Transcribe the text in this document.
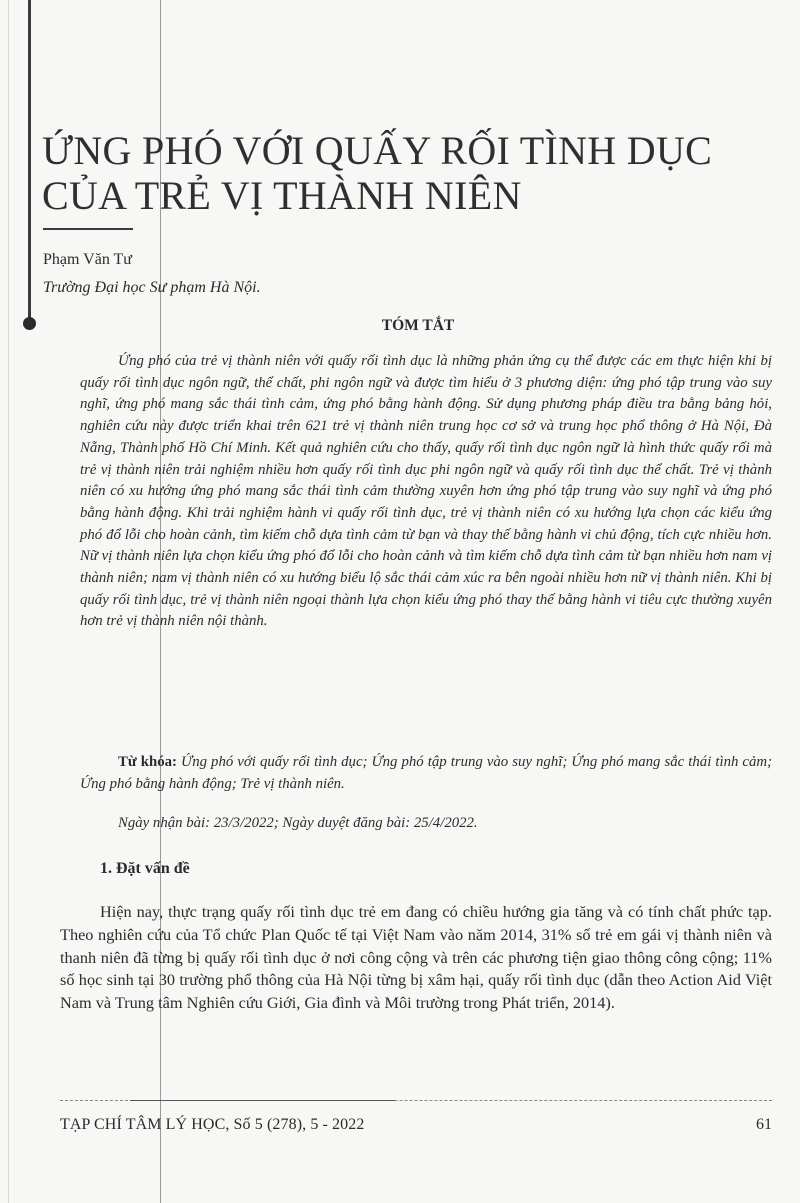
ỨNG PHÓ VỚI QUẤY RỐI TÌNH DỤC
CỦA TRẺ VỊ THÀNH NIÊN
Phạm Văn Tư
Trường Đại học Sư phạm Hà Nội.
TÓM TẮT

Ứng phó của trẻ vị thành niên với quấy rối tình dục là những phản ứng cụ thể được các em thực hiện khi bị quấy rối tình dục ngôn ngữ, thể chất, phi ngôn ngữ và được tìm hiểu ở 3 phương diện: ứng phó tập trung vào suy nghĩ, ứng phó mang sắc thái tình cảm, ứng phó bằng hành động. Sử dụng phương pháp điều tra bằng bảng hỏi, nghiên cứu này được triển khai trên 621 trẻ vị thành niên trung học cơ sở và trung học phổ thông ở Hà Nội, Đà Nẵng, Thành phố Hồ Chí Minh. Kết quả nghiên cứu cho thấy, quấy rối tình dục ngôn ngữ là hình thức quấy rối mà trẻ vị thành niên trải nghiệm nhiều hơn quấy rối tình dục phi ngôn ngữ và quấy rối tình dục thể chất. Trẻ vị thành niên có xu hướng ứng phó mang sắc thái tình cảm thường xuyên hơn ứng phó tập trung vào suy nghĩ và ứng phó bằng hành động. Khi trải nghiệm hành vi quấy rối tình dục, trẻ vị thành niên có xu hướng lựa chọn các kiểu ứng phó đổ lỗi cho hoàn cảnh, tìm kiếm chỗ dựa tình cảm từ bạn và thay thế bằng hành vi chủ động, tích cực nhiều hơn. Nữ vị thành niên lựa chọn kiểu ứng phó đổ lỗi cho hoàn cảnh và tìm kiếm chỗ dựa tình cảm từ bạn nhiều hơn nam vị thành niên; nam vị thành niên có xu hướng biểu lộ sắc thái cảm xúc ra bên ngoài nhiều hơn nữ vị thành niên. Khi bị quấy rối tình dục, trẻ vị thành niên ngoại thành lựa chọn kiểu ứng phó thay thế bằng hành vi tiêu cực thường xuyên hơn trẻ vị thành niên nội thành.

Từ khóa: Ứng phó với quấy rối tình dục; Ứng phó tập trung vào suy nghĩ; Ứng phó mang sắc thái tình cảm; Ứng phó bằng hành động; Trẻ vị thành niên.

Ngày nhận bài: 23/3/2022; Ngày duyệt đăng bài: 25/4/2022.
1. Đặt vấn đề

Hiện nay, thực trạng quấy rối tình dục trẻ em đang có chiều hướng gia tăng và có tính chất phức tạp. Theo nghiên cứu của Tổ chức Plan Quốc tế tại Việt Nam vào năm 2014, 31% số trẻ em gái vị thành niên và thanh niên đã từng bị quấy rối tình dục ở nơi công cộng và trên các phương tiện giao thông công cộng; 11% số học sinh tại 30 trường phổ thông của Hà Nội từng bị xâm hại, quấy rối tình dục (dẫn theo Action Aid Việt Nam và Trung tâm Nghiên cứu Giới, Gia đình và Môi trường trong Phát triển, 2014).

TẠP CHÍ TÂM LÝ HỌC, Số 5 (278), 5 - 2022	61
